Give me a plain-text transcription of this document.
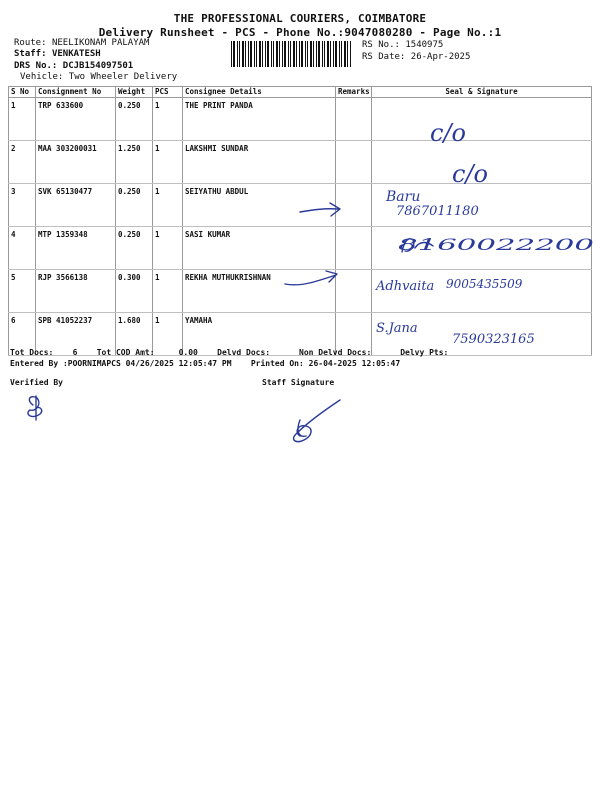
THE PROFESSIONAL COURIERS, COIMBATORE
Delivery Runsheet - PCS - Phone No.:9047080280 - Page No.:1
Route: NEELIKONAM PALAYAM
Staff: VENKATESH
DRS No.: DCJB154097501
Vehicle: Two Wheeler Delivery
RS No.: 1540975
RS Date: 26-Apr-2025
S No	Consignment No	Weight	PCS	Consignee Details	Remarks	Seal & Signature
1	TRP 633600	0.250	1	THE PRINT PANDA		
2	MAA 303200031	1.250	1	LAKSHMI SUNDAR		
3	SVK 65130477	0.250	1	SEIYATHU ABDUL		
4	MTP 1359348	0.250	1	SASI KUMAR		
5	RJP 3566138	0.300	1	REKHA MUTHUKRISHNAN		
6	SPB 41052237	1.680	1	YAMAHA		
c/o
c/o
Baru
7867011180
8160022200
Adhvaita 9005435509
S.Jana
7590323165
Tot Docs: 6 Tot COD Amt:	0.00 Delvd Docs:	Non Delvd Docs:	Delvy Pts:
Entered By :POORNIMAPCS 04/26/2025 12:05:47 PM Printed On: 26-04-2025 12:05:47
Verified By	Staff Signature
